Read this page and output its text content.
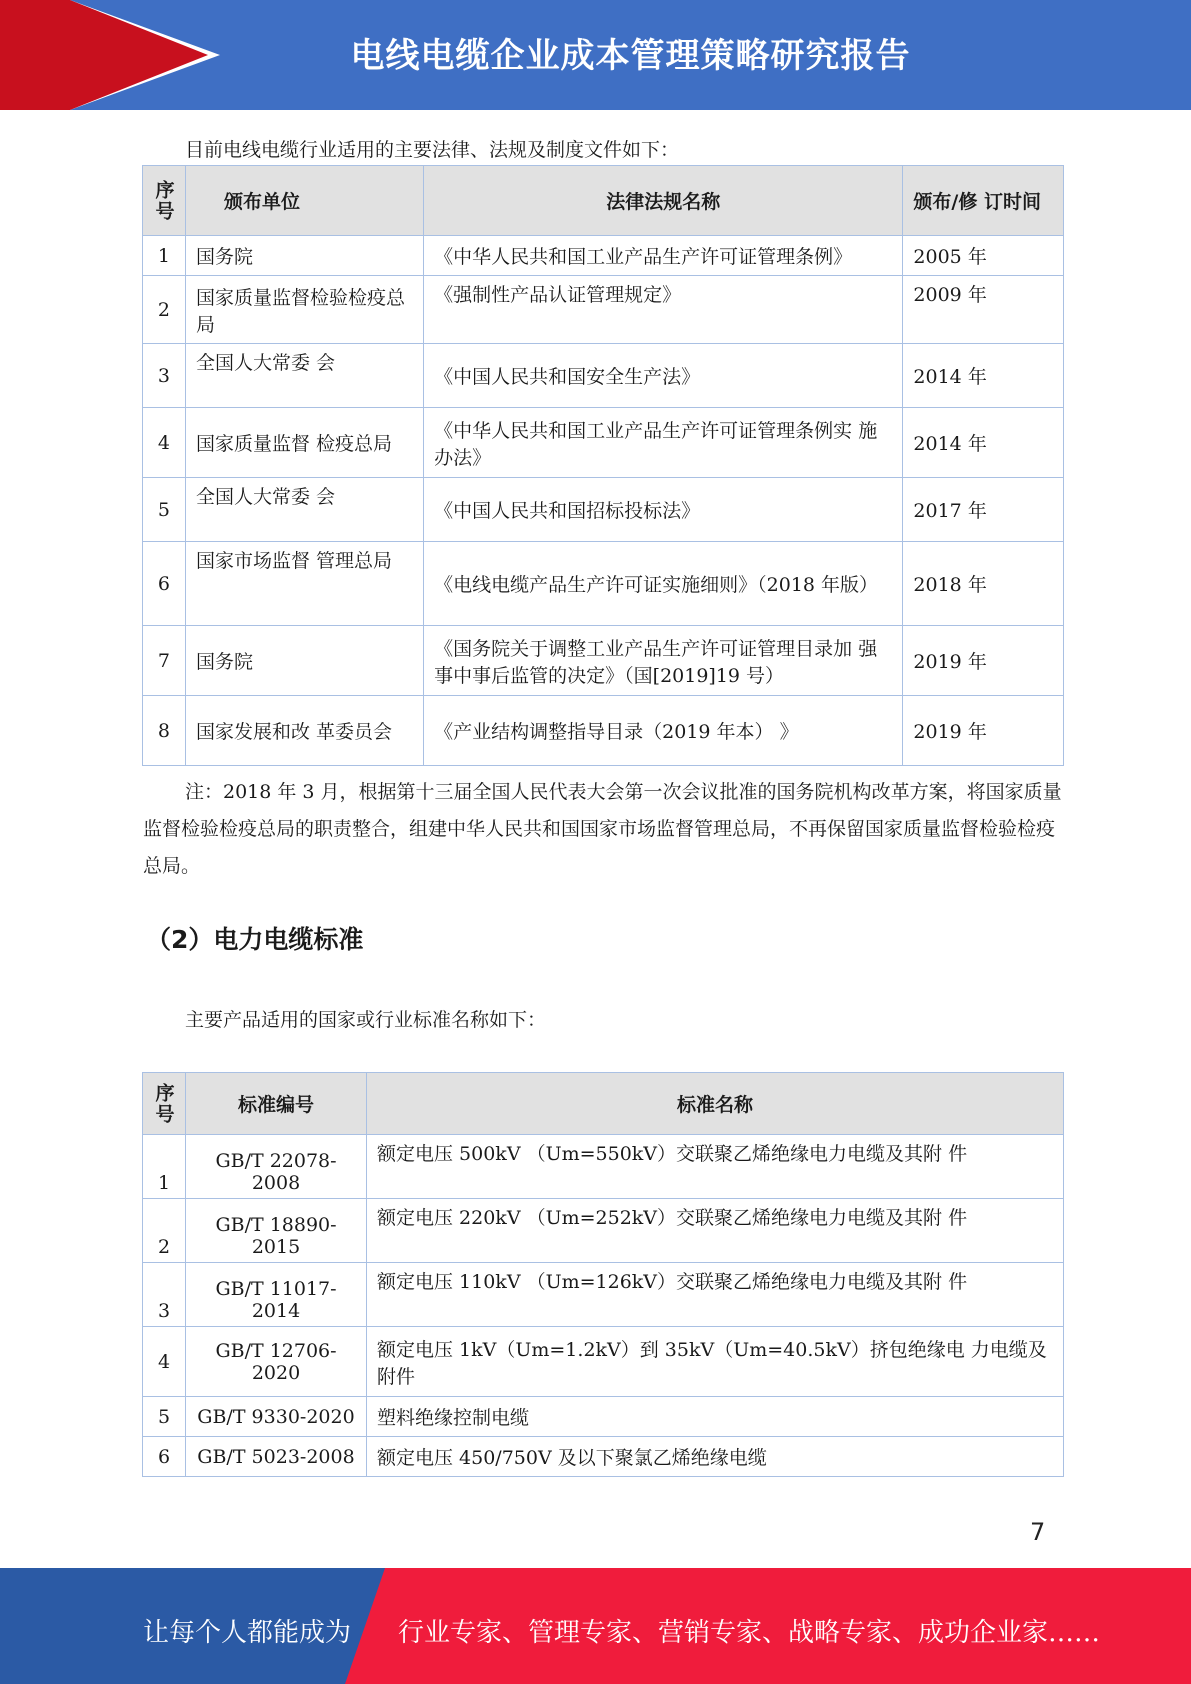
电线电缆企业成本管理策略研究报告
目前电线电缆行业适用的主要法律、法规及制度文件如下：
序号	颁布单位	法律法规名称	颁布/修 订时间
1	国务院	《中华人民共和国工业产品生产许可证管理条例》	2005 年
2	国家质量监督检验检疫总局	《强制性产品认证管理规定》	2009 年
3	全国人大常委 会	《中国人民共和国安全生产法》	2014 年
4	国家质量监督 检疫总局	《中华人民共和国工业产品生产许可证管理条例实 施办法》	2014 年
5	全国人大常委 会	《中国人民共和国招标投标法》	2017 年
6	国家市场监督 管理总局	《电线电缆产品生产许可证实施细则》（2018 年版）	2018 年
7	国务院	《国务院关于调整工业产品生产许可证管理目录加 强事中事后监管的决定》（国[2019]19 号）	2019 年
8	国家发展和改 革委员会	《产业结构调整指导目录（2019 年本） 》	2019 年
注：2018 年 3 月，根据第十三届全国人民代表大会第一次会议批准的国务院机构改革方案，将国家质量监督检验检疫总局的职责整合，组建中华人民共和国国家市场监督管理总局，不再保留国家质量监督检验检疫总局。
（2）电力电缆标准
主要产品适用的国家或行业标准名称如下：
序号	标准编号	标准名称
1	GB/T 22078-2008	额定电压 500kV （Um=550kV）交联聚乙烯绝缘电力电缆及其附 件
2	GB/T 18890-2015	额定电压 220kV （Um=252kV）交联聚乙烯绝缘电力电缆及其附 件
3	GB/T 11017-2014	额定电压 110kV （Um=126kV）交联聚乙烯绝缘电力电缆及其附 件
4	GB/T 12706-2020	额定电压 1kV（Um=1.2kV）到 35kV（Um=40.5kV）挤包绝缘电 力电缆及附件
5	GB/T 9330-2020	塑料绝缘控制电缆
6	GB/T 5023-2008	额定电压 450/750V 及以下聚氯乙烯绝缘电缆
7
让每个人都能成为 行业专家、管理专家、营销专家、战略专家、成功企业家……
